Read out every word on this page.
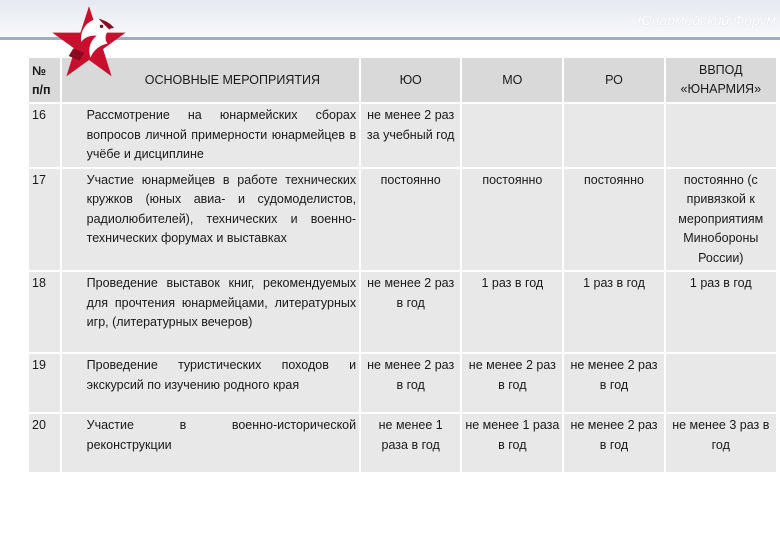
Юнармейский Форум
№
п/п	ОСНОВНЫЕ МЕРОПРИЯТИЯ	ЮО	МО	РО	ВВПОД
«ЮНАРМИЯ»

16	Рассмотрение на юнармейских сборах вопросов личной примерности юнармейцев в учёбе и дисциплине	не менее 2 раз за учебный год			
17	Участие юнармейцев в работе технических кружков (юных авиа- и судомоделистов, радиолюбителей), технических и военно-технических форумах и выставках	постоянно	постоянно	постоянно	постоянно (с привязкой к мероприятиям Минобороны России)
18	Проведение выставок книг, рекомендуемых для прочтения юнармейцами, литературных игр, (литературных вечеров)	не менее 2 раз в год	1 раз в год	1 раз в год	1 раз в год
19	Проведение туристических походов и экскурсий по изучению родного края	не менее 2 раз в год	не менее 2 раз в год	не менее 2 раз в год	
20	Участие в военно-исторической реконструкции	не менее 1 раза в год	не менее 1 раза в год	не менее 2 раз в год	не менее 3 раз в год
